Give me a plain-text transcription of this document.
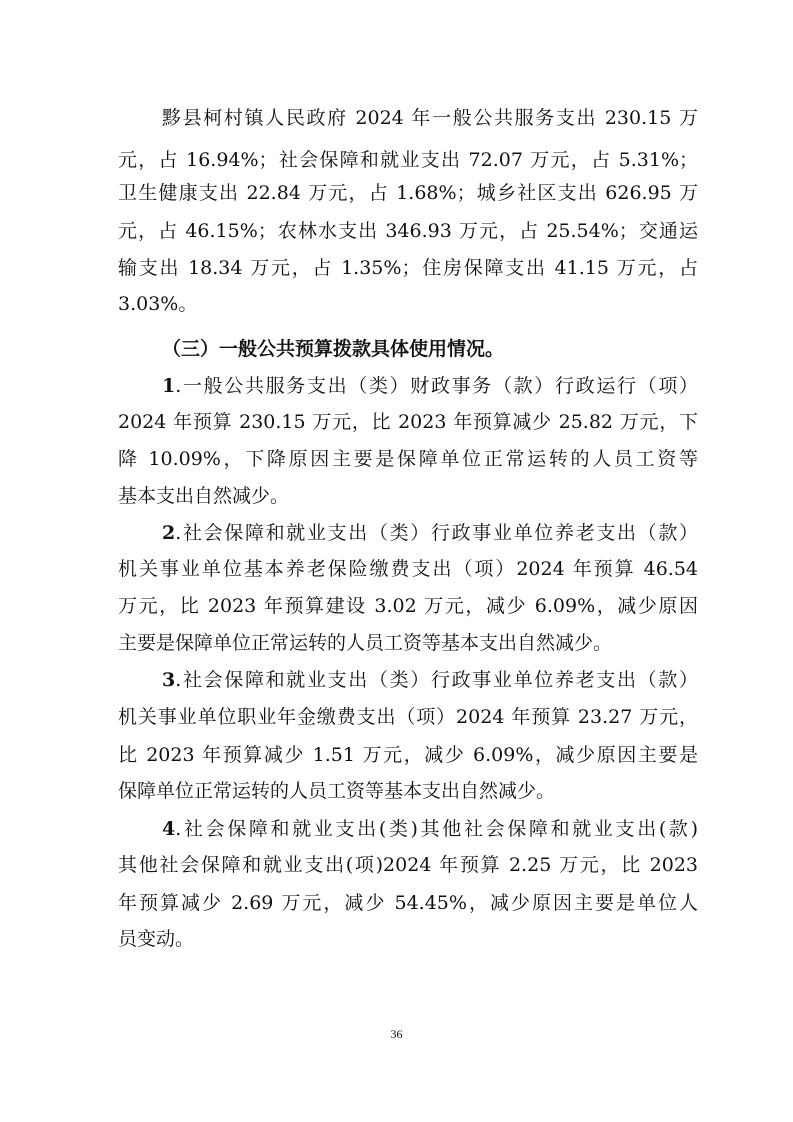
黟县柯村镇人民政府 2024 年一般公共服务支出 230.15 万
元，占 16.94%；社会保障和就业支出 72.07 万元，占 5.31%；
卫生健康支出 22.84 万元，占 1.68%；城乡社区支出 626.95 万
元，占 46.15%；农林水支出 346.93 万元，占 25.54%；交通运
输支出 18.34 万元，占 1.35%；住房保障支出 41.15 万元，占
3.03%。
（三）一般公共预算拨款具体使用情况。
1.一般公共服务支出（类）财政事务（款）行政运行（项）
2024 年预算 230.15 万元，比 2023 年预算减少 25.82 万元，下
降 10.09%，下降原因主要是保障单位正常运转的人员工资等
基本支出自然减少。
2.社会保障和就业支出（类）行政事业单位养老支出（款）
机关事业单位基本养老保险缴费支出（项）2024 年预算 46.54
万元，比 2023 年预算建设 3.02 万元，减少 6.09%，减少原因
主要是保障单位正常运转的人员工资等基本支出自然减少。
3.社会保障和就业支出（类）行政事业单位养老支出（款）
机关事业单位职业年金缴费支出（项）2024 年预算 23.27 万元，
比 2023 年预算减少 1.51 万元，减少 6.09%，减少原因主要是
保障单位正常运转的人员工资等基本支出自然减少。
4.社会保障和就业支出(类)其他社会保障和就业支出(款)
其他社会保障和就业支出(项)2024 年预算 2.25 万元，比 2023
年预算减少 2.69 万元，减少 54.45%，减少原因主要是单位人
员变动。
36
